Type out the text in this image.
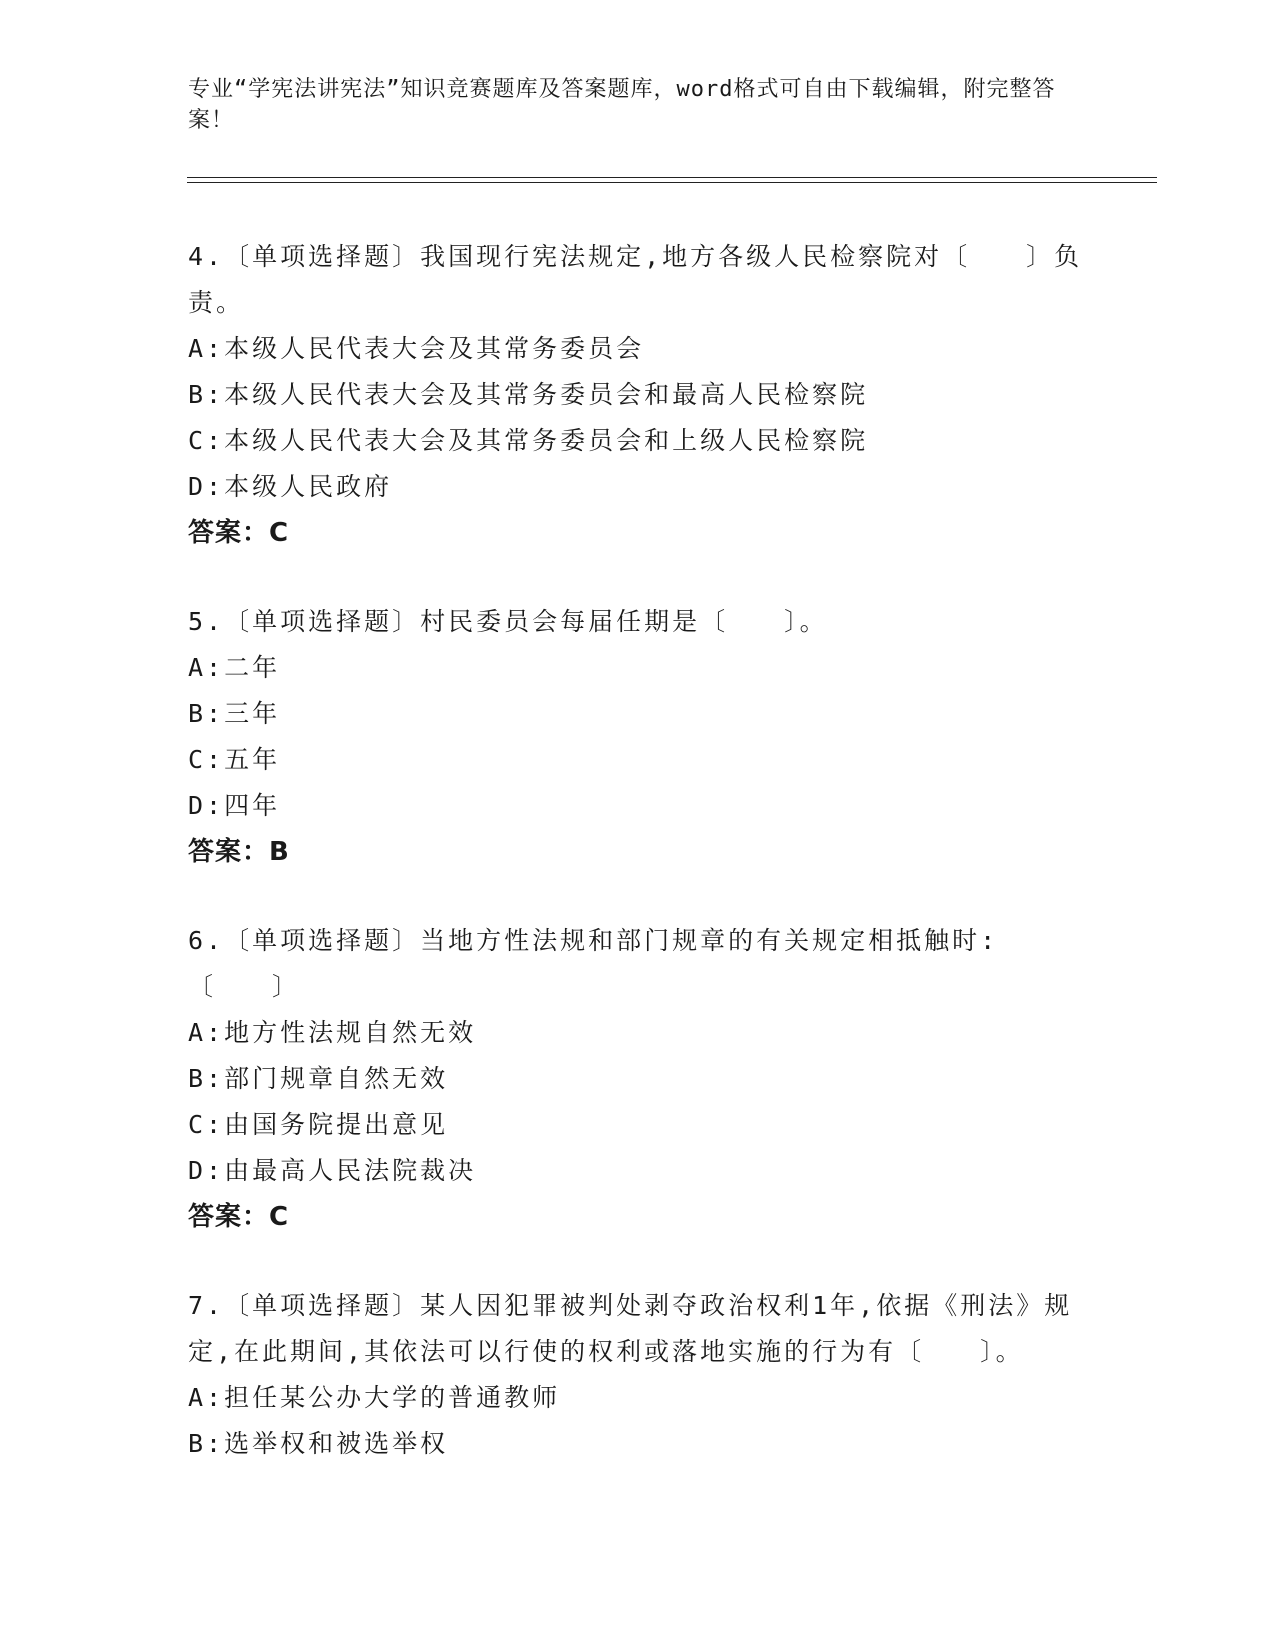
专业“学宪法讲宪法”知识竞赛题库及答案题库，word格式可自由下载编辑，附完整答案！
4.〔单项选择题〕我国现行宪法规定,地方各级人民检察院对〔　　〕负责。
A:本级人民代表大会及其常务委员会
B:本级人民代表大会及其常务委员会和最高人民检察院
C:本级人民代表大会及其常务委员会和上级人民检察院
D:本级人民政府
答案：C
5.〔单项选择题〕村民委员会每届任期是〔　　〕。
A:二年
B:三年
C:五年
D:四年
答案：B
6.〔单项选择题〕当地方性法规和部门规章的有关规定相抵触时:〔　　〕
A:地方性法规自然无效
B:部门规章自然无效
C:由国务院提出意见
D:由最高人民法院裁决
答案：C
7.〔单项选择题〕某人因犯罪被判处剥夺政治权利1年,依据《刑法》规定,在此期间,其依法可以行使的权利或落地实施的行为有〔　　〕。
A:担任某公办大学的普通教师
B:选举权和被选举权
